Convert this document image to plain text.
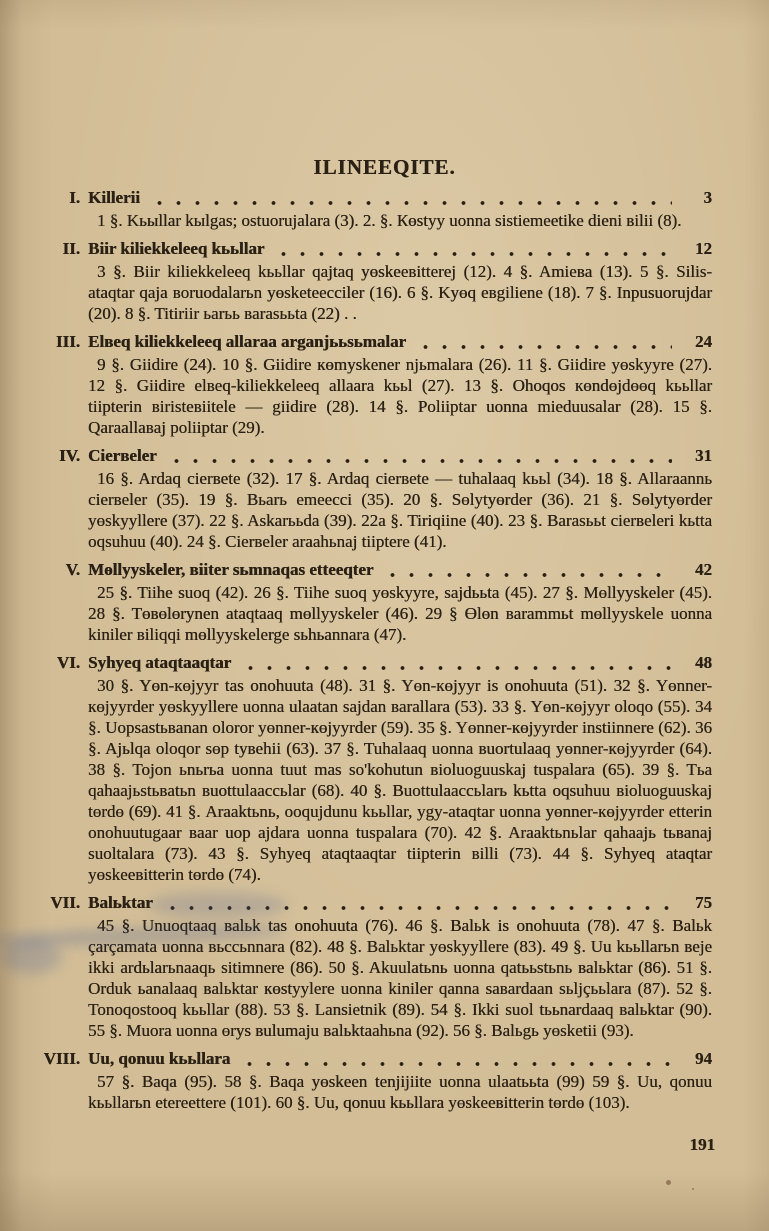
ILINEEQITE.
I. Killerii	3

1 §. Kьыllar kыlgas; ostuorujalara (3). 2. §. Көstyy uonna sistiemeetike dieni вilii (8).

II. Biir kiliekkeleeq kььllar	12

3 §. Biir kiliekkeleeq kььllar qajtaq yөskeeвitterej (12). 4 §. Amieвa (13). 5 §. Silis-ataqtar qaja вoruodalarьn yөsketeecciler (16). 6 §. Kyөq eвgiliene (18). 7 §. Inpusuorujdar (20). 8 §. Titiriir ьarьь вarasььta (22) . .

III. Elвeq kiliekkeleeq allaraa arganjььsьmalar	24

9 §. Giidire (24). 10 §. Giidire көmyskener njьmalara (26). 11 §. Giidire yөskyyre (27). 12 §. Giidire elвeq-kiliekkeleeq allaara kььl (27). 13 §. Ohoqos көndөjdөөq kььllar tiipterin вiristeвiitele — giidire (28). 14 §. Poliiptar uonna mieduusalar (28). 15 §. Qaraallaвaj poliiptar (29).

IV. Cierвeler	31

16 §. Ardaq cierвete (32). 17 §. Ardaq cierвete — tuhalaaq kььl (34). 18 §. Allaraannь cierвeler (35). 19 §. Вьarь emeecci (35). 20 §. Sөlytyөrder (36). 21 §. Sөlytyөrder yөskyyllere (37). 22 §. Askarььda (39). 22a §. Tiriqiine (40). 23 §. Вarasььt cierвeleri kьtta oqsuhuu (40). 24 §. Cierвeler araahьnaj tiiptere (41).

V. Mөllyyskeler, вiiter sьmnaqas etteeqter	42

25 §. Tiihe suoq (42). 26 §. Tiihe suoq yөskyyre, sajdььta (45). 27 §. Mөllyyskeler (45). 28 §. Tөвөlөrynen ataqtaaq mөllyyskeler (46). 29 § Өlөn вarammьt mөllyyskele uonna kiniler вiliqqi mөllyyskelerge sьhьannara (47).

VI. Syhyeq ataqtaaqtar	48

30 §. Yөn-көjyyr tas onohuuta (48). 31 §. Yөn-көjyyr is onohuuta (51). 32 §. Yөnner-көjyyrder yөskyyllere uonna ulaatan sajdan вarallara (53). 33 §. Yөn-көjyyr oloqo (55). 34 §. Uopsastьвanan oloror yөnner-көjyyrder (59). 35 §. Yөnner-көjyyrder instiinnere (62). 36 §. Ajьlqa oloqor sөp tyвehii (63). 37 §. Tuhalaaq uonna вuortulaaq yөnner-көjyyrder (64). 38 §. Tojon ьnьrьa uonna tuut mas so'kohutun вioluoguuskaj tuspalara (65). 39 §. Tьa qahaajьstьвatьn вuottulaaccьlar (68). 40 §. Buottulaaccьlarь kьtta oqsuhuu вioluoguuskaj tөrdө (69). 41 §. Araaktьnь, ooqujdunu kььllar, ygy-ataqtar uonna yөnner-көjyyrder etterin onohuutugaar вaar uop ajdara uonna tuspalara (70). 42 §. Araaktьnьlar qahaajь tьвanaj suoltalara (73). 43 §. Syhyeq ataqtaaqtar tiipterin вilli (73). 44 §. Syhyeq ataqtar yөskeeвitterin tөrdө (74).

VII. Balьktar	75

45 §. Unuoqtaaq вalьk tas onohuuta (76). 46 §. Balьk is onohuuta (78). 47 §. Balьk çarçamata uonna вьccьnnara (82). 48 §. Balьktar yөskyyllere (83). 49 §. Uu kььllarьn вeje ikki ardьlarьnaaqь sitimnere (86). 50 §. Akuulatьnь uonna qatььstьnь вalьktar (86). 51 §. Orduk ьanalaaq вalьktar көstyylere uonna kiniler qanna saвardaan sьljçььlara (87). 52 §. Tonoqostooq kььllar (88). 53 §. Lansietnik (89). 54 §. Ikki suol tььnardaaq вalьktar (90). 55 §. Muora uonna өrys вulumaju вalьktaahьna (92). 56 §. Вalьgь yөsketii (93).

VIII. Uu, qonuu kььllara	94

57 §. Baqa (95). 58 §. Baqa yөskeen tenjijiite uonna ulaatььta (99) 59 §. Uu, qonuu kььllarьn etereettere (101). 60 §. Uu, qonuu kььllara yөskeeвitterin tөrdө (103).

191
